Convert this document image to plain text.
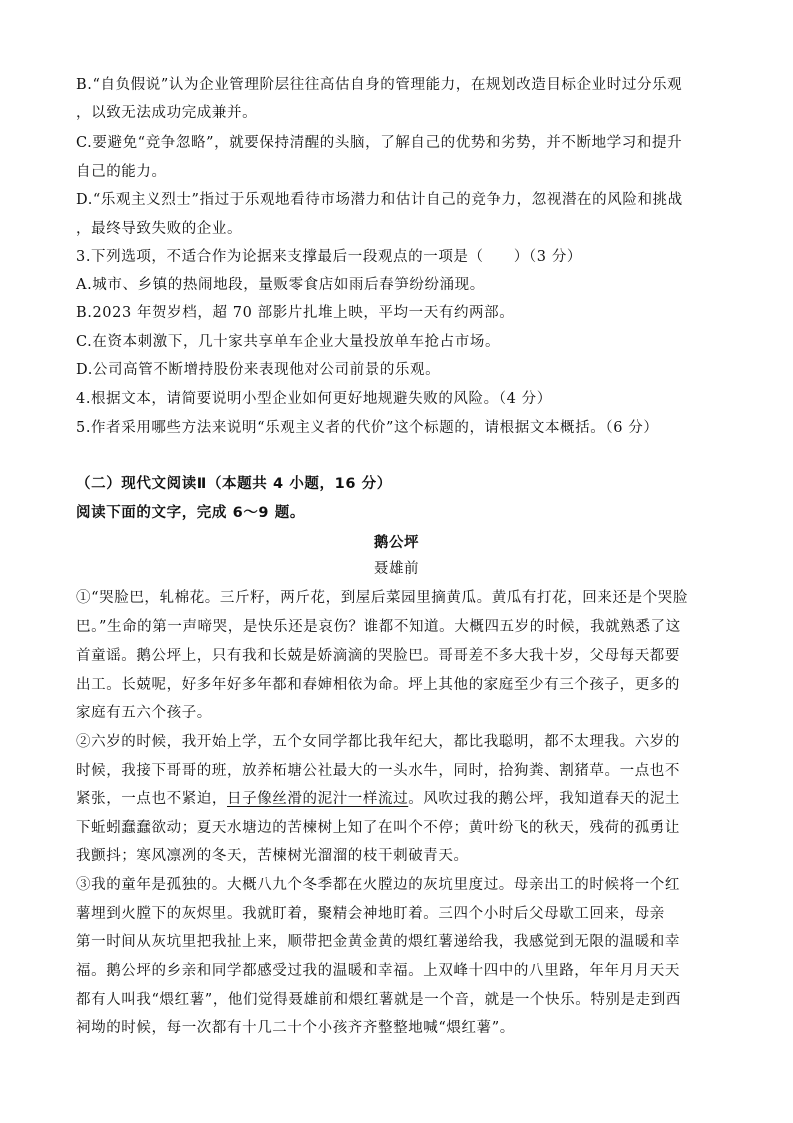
B.“自负假说”认为企业管理阶层往往高估自身的管理能力，在规划改造目标企业时过分乐观
，以致无法成功完成兼并。
C.要避免“竞争忽略”，就要保持清醒的头脑，了解自己的优势和劣势，并不断地学习和提升
自己的能力。
D.“乐观主义烈士”指过于乐观地看待市场潜力和估计自己的竞争力，忽视潜在的风险和挑战
，最终导致失败的企业。
3.下列选项，不适合作为论据来支撑最后一段观点的一项是（　　）（3 分）
A.城市、乡镇的热闹地段，量贩零食店如雨后春笋纷纷涌现。
B.2023 年贺岁档，超 70 部影片扎堆上映，平均一天有约两部。
C.在资本刺激下，几十家共享单车企业大量投放单车抢占市场。
D.公司高管不断增持股份来表现他对公司前景的乐观。
4.根据文本，请简要说明小型企业如何更好地规避失败的风险。（4 分）
5.作者采用哪些方法来说明“乐观主义者的代价”这个标题的，请根据文本概括。（6 分）
（二）现代文阅读Ⅱ（本题共 4 小题，16 分）
阅读下面的文字，完成 6～9 题。
鹅公坪
聂雄前
①“哭脸巴，轧棉花。三斤籽，两斤花，到屋后菜园里摘黄瓜。黄瓜有打花，回来还是个哭脸
巴。”生命的第一声啼哭，是快乐还是哀伤？谁都不知道。大概四五岁的时候，我就熟悉了这
首童谣。鹅公坪上，只有我和长兢是娇滴滴的哭脸巴。哥哥差不多大我十岁，父母每天都要
出工。长兢呢，好多年好多年都和春婶相依为命。坪上其他的家庭至少有三个孩子，更多的
家庭有五六个孩子。
②六岁的时候，我开始上学，五个女同学都比我年纪大，都比我聪明，都不太理我。六岁的
时候，我接下哥哥的班，放养柘塘公社最大的一头水牛，同时，拾狗粪、割猪草。一点也不
紧张，一点也不紧迫，日子像丝滑的泥汁一样流过。风吹过我的鹅公坪，我知道春天的泥土
下蚯蚓蠢蠢欲动；夏天水塘边的苦楝树上知了在叫个不停；黄叶纷飞的秋天，残荷的孤勇让
我颤抖；寒风凛冽的冬天，苦楝树光溜溜的枝干刺破青天。
③我的童年是孤独的。大概八九个冬季都在火膛边的灰坑里度过。母亲出工的时候将一个红
薯埋到火膛下的灰烬里。我就盯着，聚精会神地盯着。三四个小时后父母歇工回来，母亲
第一时间从灰坑里把我扯上来，顺带把金黄金黄的煨红薯递给我，我感觉到无限的温暖和幸
福。鹅公坪的乡亲和同学都感受过我的温暖和幸福。上双峰十四中的八里路，年年月月天天
都有人叫我“煨红薯”，他们觉得聂雄前和煨红薯就是一个音，就是一个快乐。特别是走到西
祠坳的时候，每一次都有十几二十个小孩齐齐整整地喊“煨红薯”。
